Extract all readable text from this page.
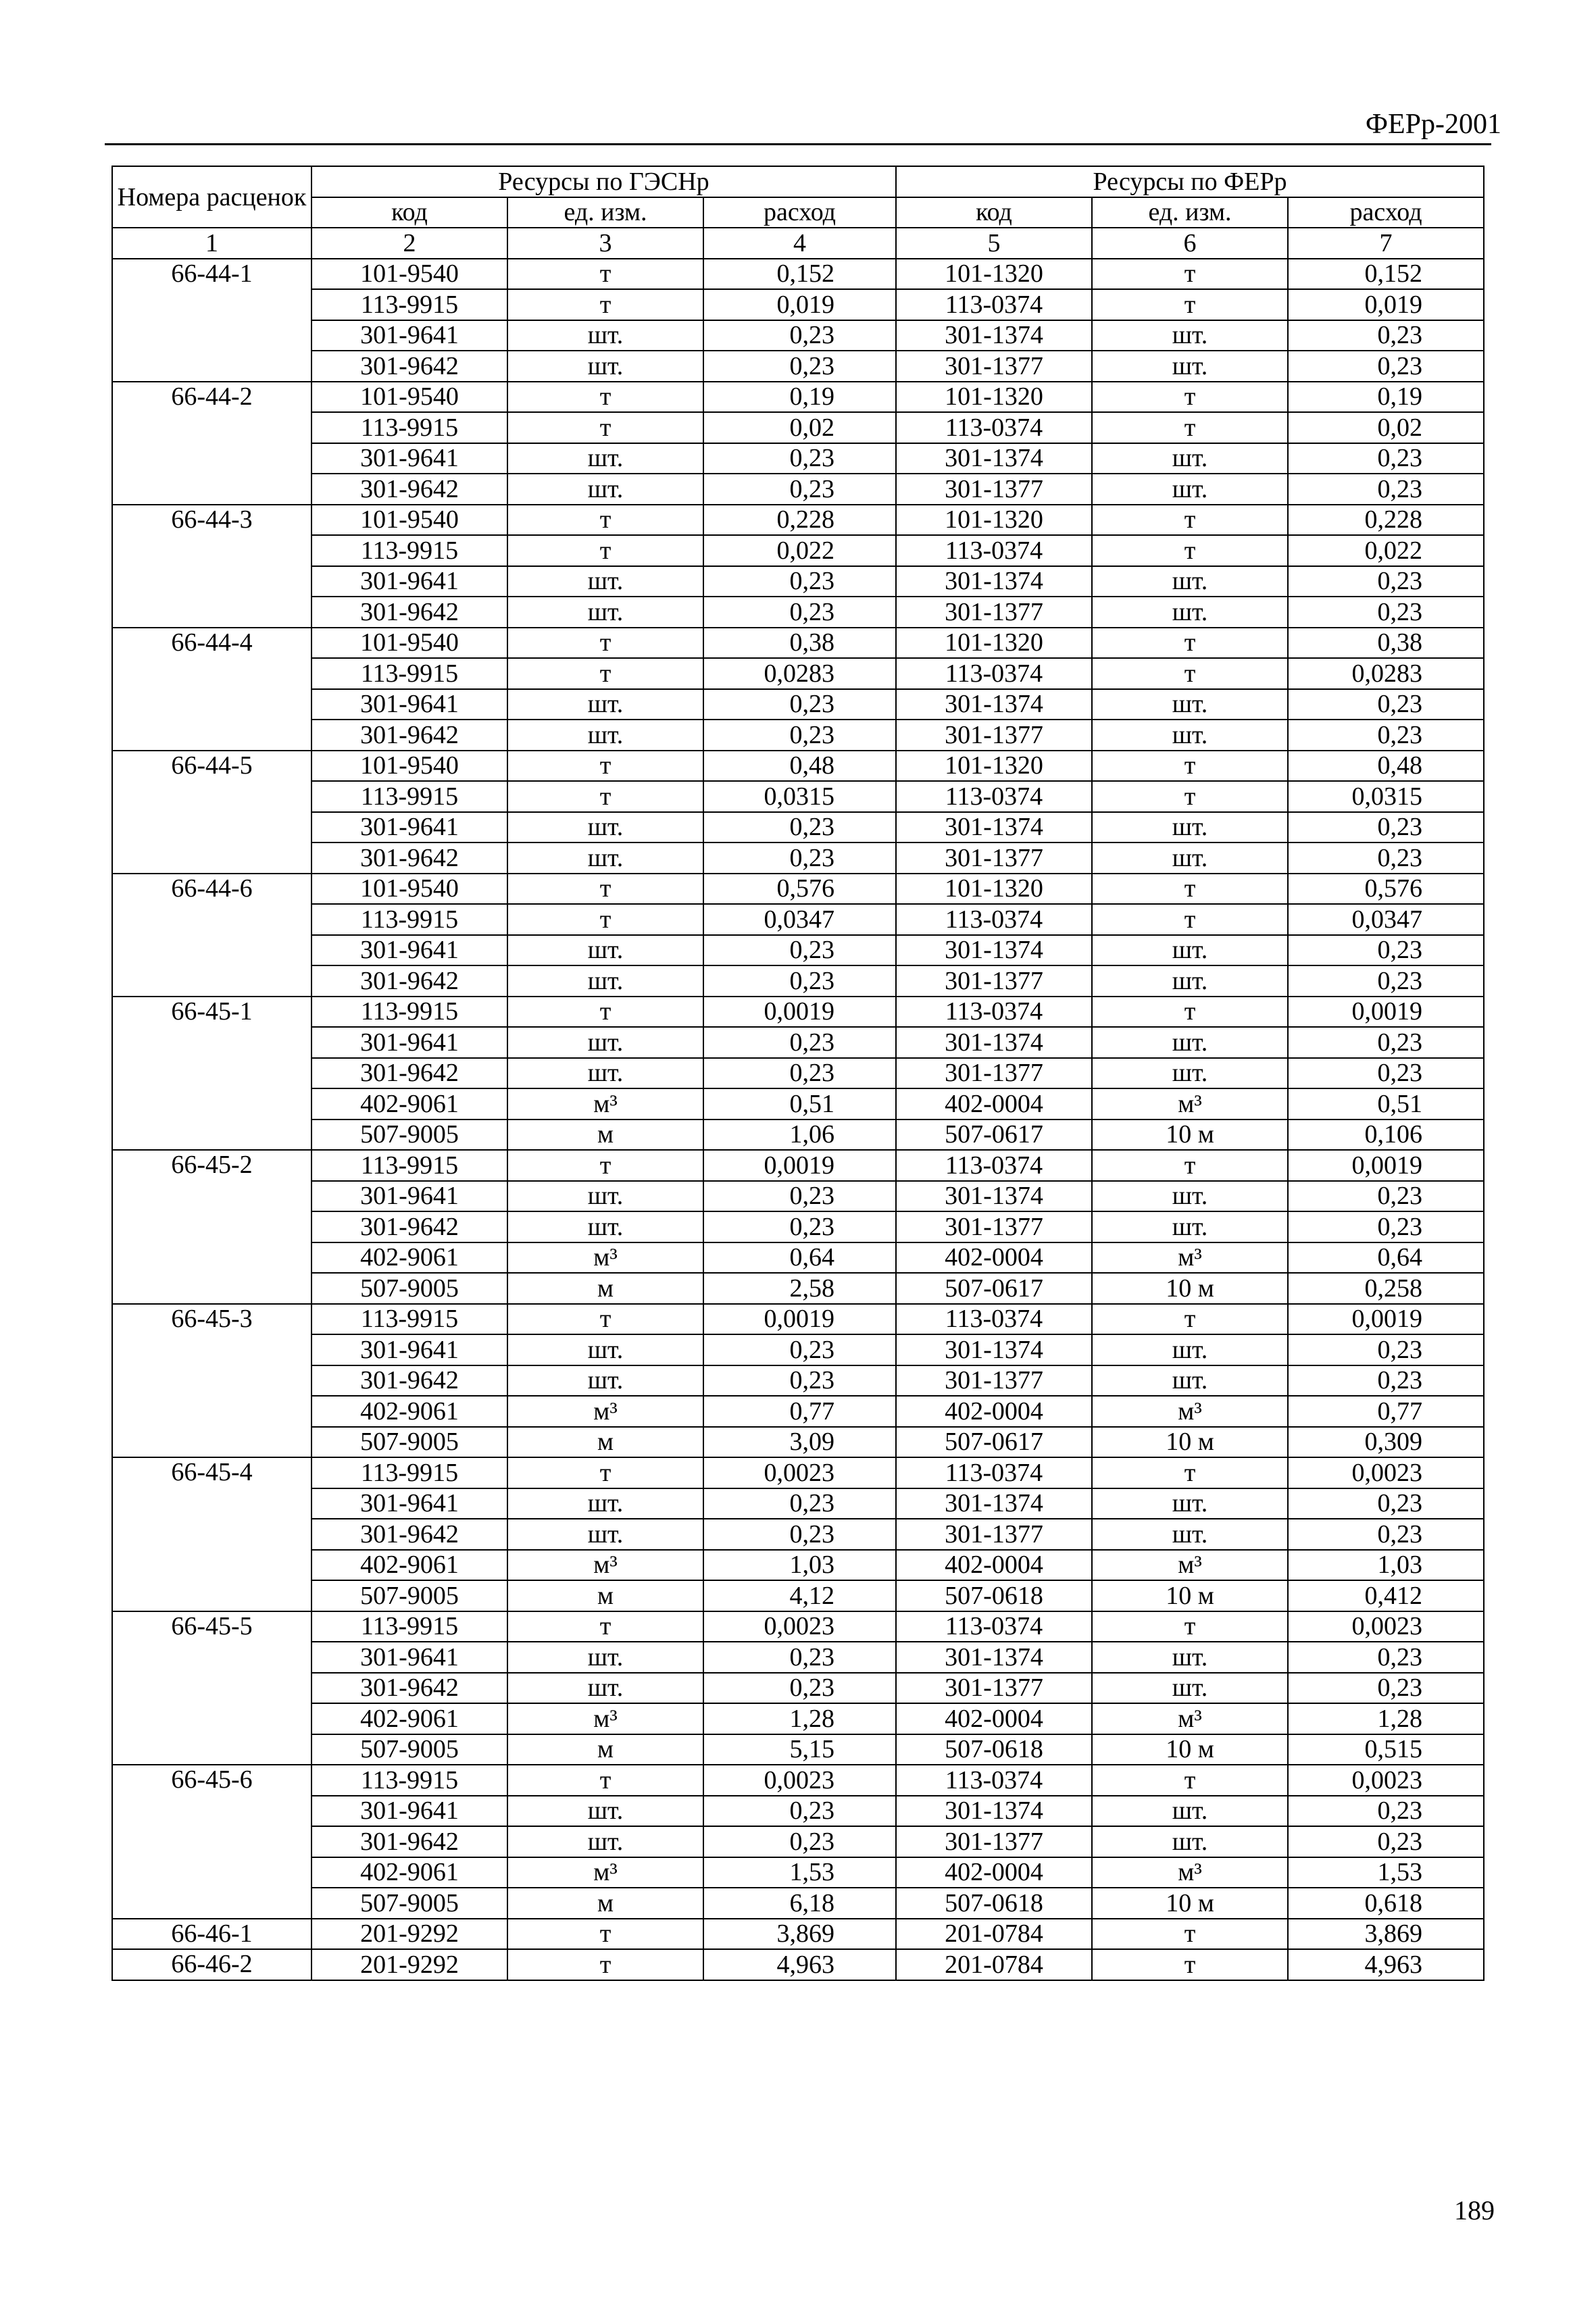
ФЕРр-2001
Номера расценок	Ресурсы по ГЭСНр			Ресурсы по ФЕРр		
	код	ед. изм.	расход	код	ед. изм.	расход
1	2	3	4	5	6	7
66-44-1	101-9540	т	0,152	101-1320	т	0,152
	113-9915	т	0,019	113-0374	т	0,019
	301-9641	шт.	0,23	301-1374	шт.	0,23
	301-9642	шт.	0,23	301-1377	шт.	0,23
66-44-2	101-9540	т	0,19	101-1320	т	0,19
	113-9915	т	0,02	113-0374	т	0,02
	301-9641	шт.	0,23	301-1374	шт.	0,23
	301-9642	шт.	0,23	301-1377	шт.	0,23
66-44-3	101-9540	т	0,228	101-1320	т	0,228
	113-9915	т	0,022	113-0374	т	0,022
	301-9641	шт.	0,23	301-1374	шт.	0,23
	301-9642	шт.	0,23	301-1377	шт.	0,23
66-44-4	101-9540	т	0,38	101-1320	т	0,38
	113-9915	т	0,0283	113-0374	т	0,0283
	301-9641	шт.	0,23	301-1374	шт.	0,23
	301-9642	шт.	0,23	301-1377	шт.	0,23
66-44-5	101-9540	т	0,48	101-1320	т	0,48
	113-9915	т	0,0315	113-0374	т	0,0315
	301-9641	шт.	0,23	301-1374	шт.	0,23
	301-9642	шт.	0,23	301-1377	шт.	0,23
66-44-6	101-9540	т	0,576	101-1320	т	0,576
	113-9915	т	0,0347	113-0374	т	0,0347
	301-9641	шт.	0,23	301-1374	шт.	0,23
	301-9642	шт.	0,23	301-1377	шт.	0,23
66-45-1	113-9915	т	0,0019	113-0374	т	0,0019
	301-9641	шт.	0,23	301-1374	шт.	0,23
	301-9642	шт.	0,23	301-1377	шт.	0,23
	402-9061	м³	0,51	402-0004	м³	0,51
	507-9005	м	1,06	507-0617	10 м	0,106
66-45-2	113-9915	т	0,0019	113-0374	т	0,0019
	301-9641	шт.	0,23	301-1374	шт.	0,23
	301-9642	шт.	0,23	301-1377	шт.	0,23
	402-9061	м³	0,64	402-0004	м³	0,64
	507-9005	м	2,58	507-0617	10 м	0,258
66-45-3	113-9915	т	0,0019	113-0374	т	0,0019
	301-9641	шт.	0,23	301-1374	шт.	0,23
	301-9642	шт.	0,23	301-1377	шт.	0,23
	402-9061	м³	0,77	402-0004	м³	0,77
	507-9005	м	3,09	507-0617	10 м	0,309
66-45-4	113-9915	т	0,0023	113-0374	т	0,0023
	301-9641	шт.	0,23	301-1374	шт.	0,23
	301-9642	шт.	0,23	301-1377	шт.	0,23
	402-9061	м³	1,03	402-0004	м³	1,03
	507-9005	м	4,12	507-0618	10 м	0,412
66-45-5	113-9915	т	0,0023	113-0374	т	0,0023
	301-9641	шт.	0,23	301-1374	шт.	0,23
	301-9642	шт.	0,23	301-1377	шт.	0,23
	402-9061	м³	1,28	402-0004	м³	1,28
	507-9005	м	5,15	507-0618	10 м	0,515
66-45-6	113-9915	т	0,0023	113-0374	т	0,0023
	301-9641	шт.	0,23	301-1374	шт.	0,23
	301-9642	шт.	0,23	301-1377	шт.	0,23
	402-9061	м³	1,53	402-0004	м³	1,53
	507-9005	м	6,18	507-0618	10 м	0,618
66-46-1	201-9292	т	3,869	201-0784	т	3,869
66-46-2	201-9292	т	4,963	201-0784	т	4,963
189
